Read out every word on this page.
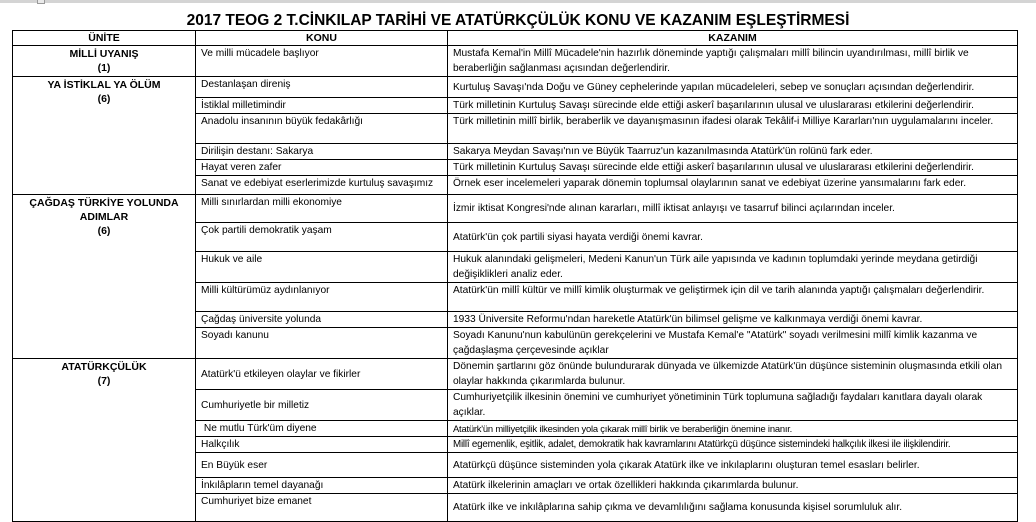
2017 TEOG 2 T.CİNKILAP TARİHİ VE ATATÜRKÇÜLÜK KONU VE KAZANIM EŞLEŞTİRMESİ
ÜNİTE	KONU	KAZANIM

MİLLİ UYANIŞ
(1)	Ve milli mücadele başlıyor	Mustafa Kemal'in Millî Mücadele'nin hazırlık döneminde yaptığı çalışmaları millî bilincin uyandırılması, millî birlik ve beraberliğin sağlanması açısından değerlendirir.

YA İSTİKLAL YA ÖLÜM
(6)	Destanlaşan direniş	Kurtuluş Savaşı'nda Doğu ve Güney cephelerinde yapılan mücadeleleri, sebep ve sonuçları açısından değerlendirir.
	İstiklal milletimindir	Türk milletinin Kurtuluş Savaşı sürecinde elde ettiği askerî başarılarının ulusal ve uluslararası etkilerini değerlendirir.
	Anadolu insanının büyük fedakârlığı	Türk milletinin millî birlik, beraberlik ve dayanışmasının ifadesi olarak Tekâlif-i Milliye Kararları'nın uygulamalarını inceler.
	Dirilişin destanı: Sakarya	Sakarya Meydan Savaşı'nın ve Büyük Taarruz'un kazanılmasında Atatürk'ün rolünü fark eder.
	Hayat veren zafer	Türk milletinin Kurtuluş Savaşı sürecinde elde ettiği askerî başarılarının ulusal ve uluslararası etkilerini değerlendirir.
	Sanat ve edebiyat eserlerimizde kurtuluş savaşımız	Örnek eser incelemeleri yaparak dönemin toplumsal olaylarının sanat ve edebiyat üzerine yansımalarını fark eder.

ÇAĞDAŞ TÜRKİYE YOLUNDA ADIMLAR
(6)	Milli sınırlardan milli ekonomiye	İzmir iktisat Kongresi'nde alınan kararları, millî iktisat anlayışı ve tasarruf bilinci açılarından inceler.
	Çok partili demokratik yaşam	Atatürk'ün çok partili siyasi hayata verdiği önemi kavrar.
	Hukuk ve aile	Hukuk alanındaki gelişmeleri, Medeni Kanun'un Türk aile yapısında ve kadının toplumdaki yerinde meydana getirdiği değişiklikleri analiz eder.
	Milli kültürümüz aydınlanıyor	Atatürk'ün millî kültür ve millî kimlik oluşturmak ve geliştirmek için dil ve tarih alanında yaptığı çalışmaları değerlendirir.
	Çağdaş üniversite yolunda	1933 Üniversite Reformu'ndan hareketle Atatürk'ün bilimsel gelişme ve kalkınmaya verdiği önemi kavrar.
	Soyadı kanunu	Soyadı Kanunu'nun kabulünün gerekçelerini ve Mustafa Kemal'e "Atatürk" soyadı verilmesini millî kimlik kazanma ve çağdaşlaşma çerçevesinde açıklar

ATATÜRKÇÜLÜK
(7)	Atatürk'ü etkileyen olaylar ve fikirler	Dönemin şartlarını göz önünde bulundurarak dünyada ve ülkemizde Atatürk'ün düşünce sisteminin oluşmasında etkili olan olaylar hakkında çıkarımlarda bulunur.
	Cumhuriyetle bir milletiz	Cumhuriyetçilik ilkesinin önemini ve cumhuriyet yönetiminin Türk toplumuna sağladığı faydaları kanıtlara dayalı olarak açıklar.
	Ne mutlu Türk'üm diyene	Atatürk'ün milliyetçilik ilkesinden yola çıkarak millî birlik ve beraberliğin önemine inanır.
	Halkçılık	Millî egemenlik, eşitlik, adalet, demokratik hak kavramlarını Atatürkçü düşünce sistemindeki halkçılık ilkesi ile ilişkilendirir.
	En Büyük eser	Atatürkçü düşünce sisteminden yola çıkarak Atatürk ilke ve inkılaplarını oluşturan temel esasları belirler.
	İnkılâpların temel dayanağı	Atatürk ilkelerinin amaçları ve ortak özellikleri hakkında çıkarımlarda bulunur.
	Cumhuriyet bize emanet	Atatürk ilke ve inkılâplarına sahip çıkma ve devamlılığını sağlama konusunda kişisel sorumluluk alır.
